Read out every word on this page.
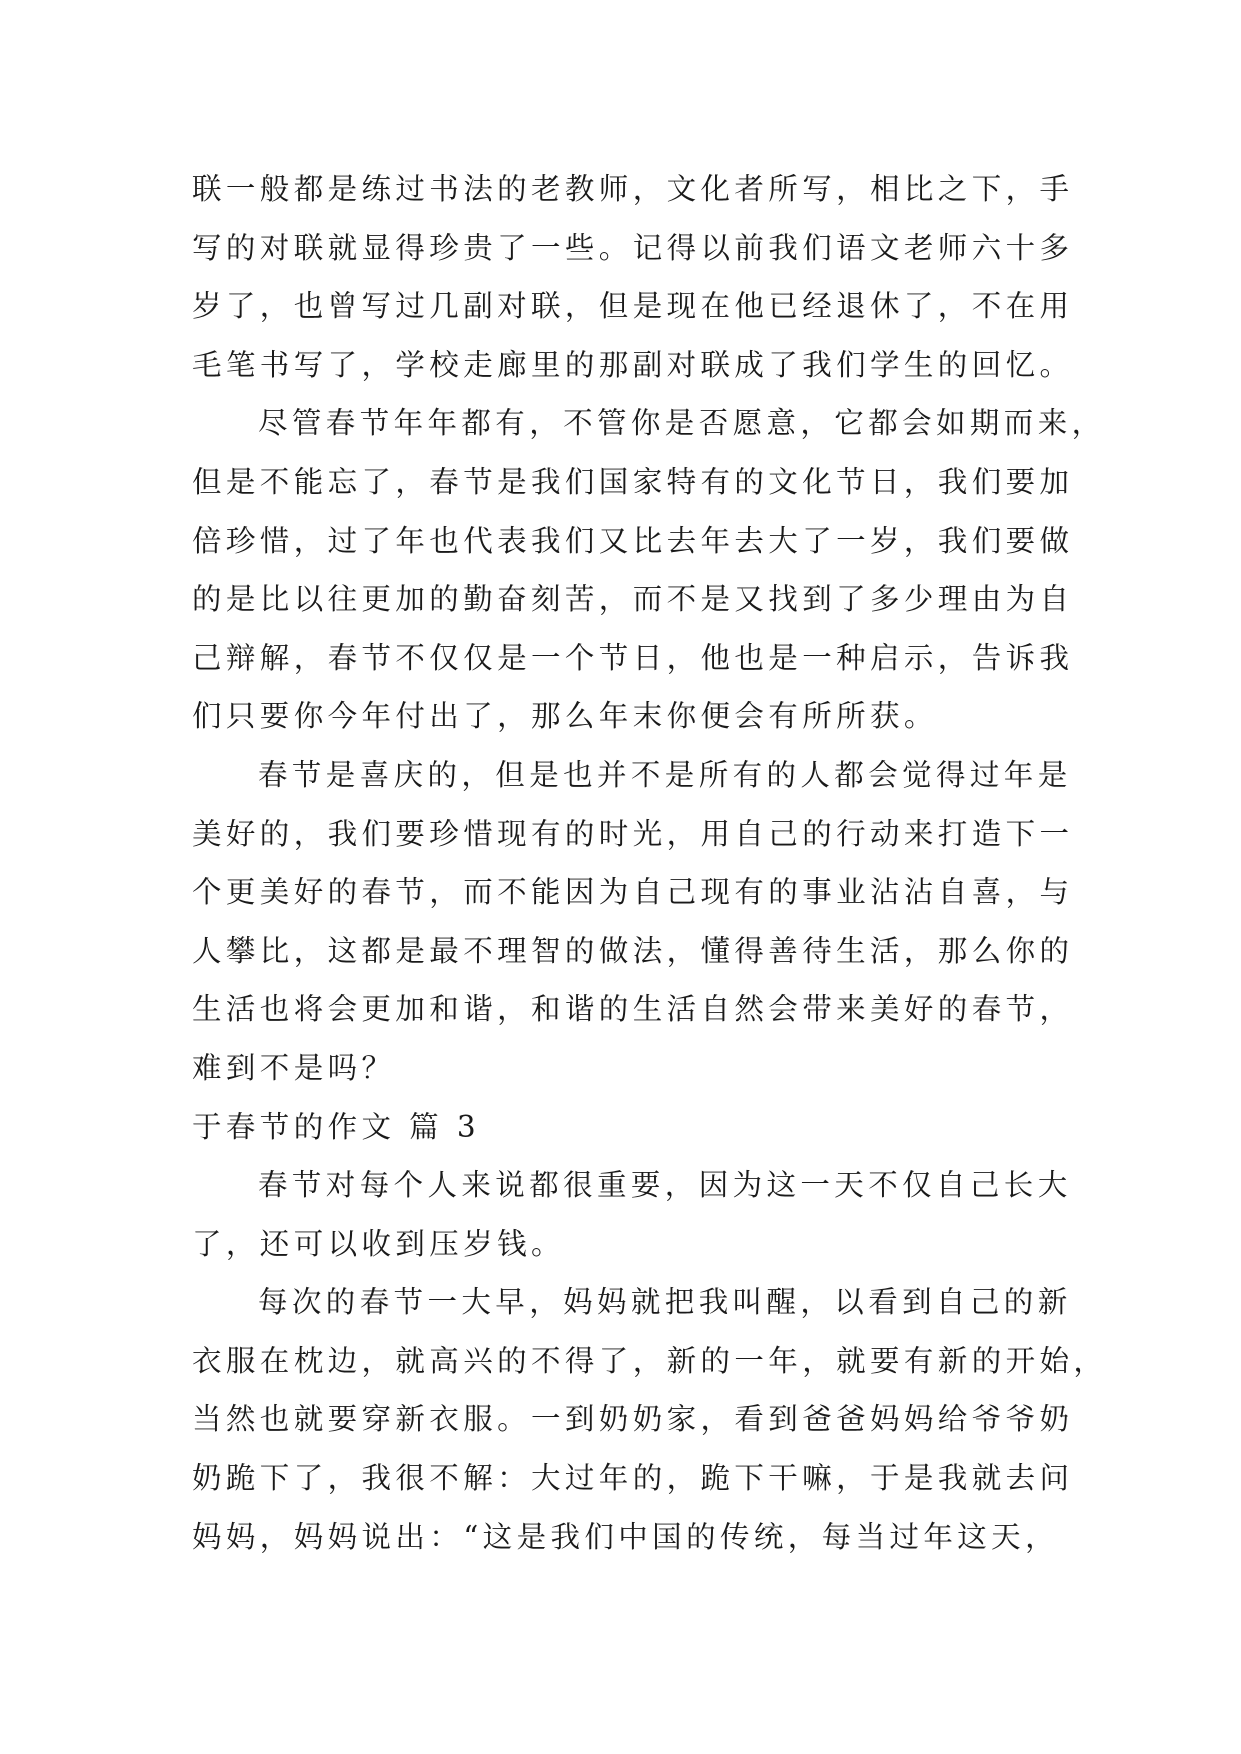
联一般都是练过书法的老教师，文化者所写，相比之下，手
写的对联就显得珍贵了一些。记得以前我们语文老师六十多
岁了，也曾写过几副对联，但是现在他已经退休了，不在用
毛笔书写了，学校走廊里的那副对联成了我们学生的回忆。
尽管春节年年都有，不管你是否愿意，它都会如期而来，
但是不能忘了，春节是我们国家特有的文化节日，我们要加
倍珍惜，过了年也代表我们又比去年去大了一岁，我们要做
的是比以往更加的勤奋刻苦，而不是又找到了多少理由为自
己辩解，春节不仅仅是一个节日，他也是一种启示，告诉我
们只要你今年付出了，那么年末你便会有所所获。
春节是喜庆的，但是也并不是所有的人都会觉得过年是
美好的，我们要珍惜现有的时光，用自己的行动来打造下一
个更美好的春节，而不能因为自己现有的事业沾沾自喜，与
人攀比，这都是最不理智的做法，懂得善待生活，那么你的
生活也将会更加和谐，和谐的生活自然会带来美好的春节，
难到不是吗？
于春节的作文 篇 3
春节对每个人来说都很重要，因为这一天不仅自己长大
了，还可以收到压岁钱。
每次的春节一大早，妈妈就把我叫醒，以看到自己的新
衣服在枕边，就高兴的不得了，新的一年，就要有新的开始，
当然也就要穿新衣服。一到奶奶家，看到爸爸妈妈给爷爷奶
奶跪下了，我很不解：大过年的，跪下干嘛，于是我就去问
妈妈，妈妈说出：“这是我们中国的传统，每当过年这天，
